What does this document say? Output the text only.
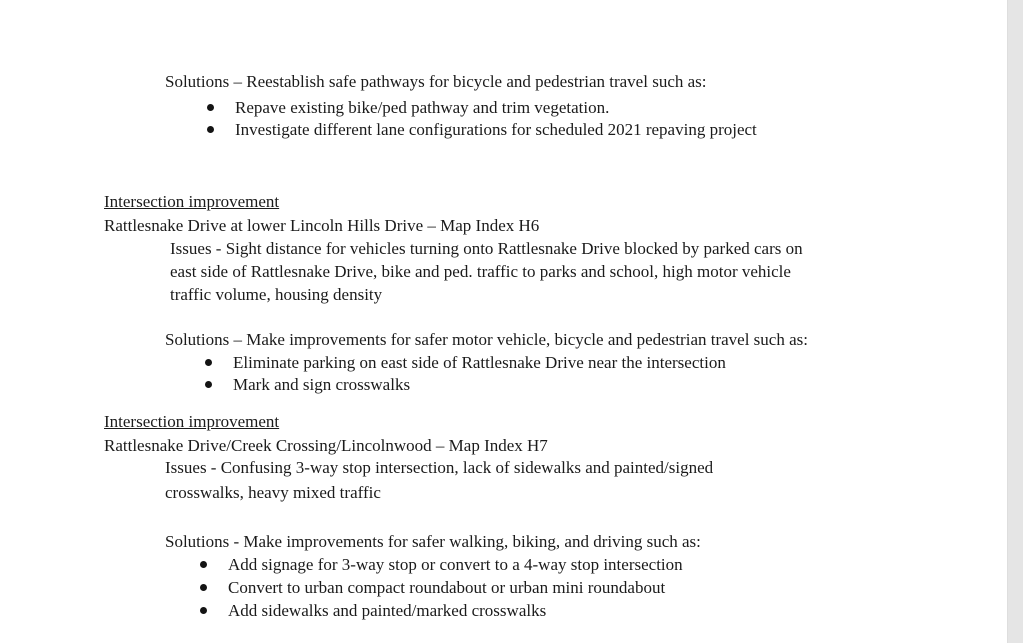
Solutions – Reestablish safe pathways for bicycle and pedestrian travel such as:
Repave existing bike/ped pathway and trim vegetation.
Investigate different lane configurations for scheduled 2021 repaving project
Intersection improvement
Rattlesnake Drive at lower Lincoln Hills Drive – Map Index H6
Issues - Sight distance for vehicles turning onto Rattlesnake Drive blocked by parked cars on
east side of Rattlesnake Drive, bike and ped. traffic to parks and school, high motor vehicle
traffic volume, housing density
Solutions – Make improvements for safer motor vehicle, bicycle and pedestrian travel such as:
Eliminate parking on east side of Rattlesnake Drive near the intersection
Mark and sign crosswalks
Intersection improvement
Rattlesnake Drive/Creek Crossing/Lincolnwood – Map Index H7
Issues - Confusing 3-way stop intersection, lack of sidewalks and painted/signed
crosswalks, heavy mixed traffic
Solutions - Make improvements for safer walking, biking, and driving such as:
Add signage for 3-way stop or convert to a 4-way stop intersection
Convert to urban compact roundabout or urban mini roundabout
Add sidewalks and painted/marked crosswalks
